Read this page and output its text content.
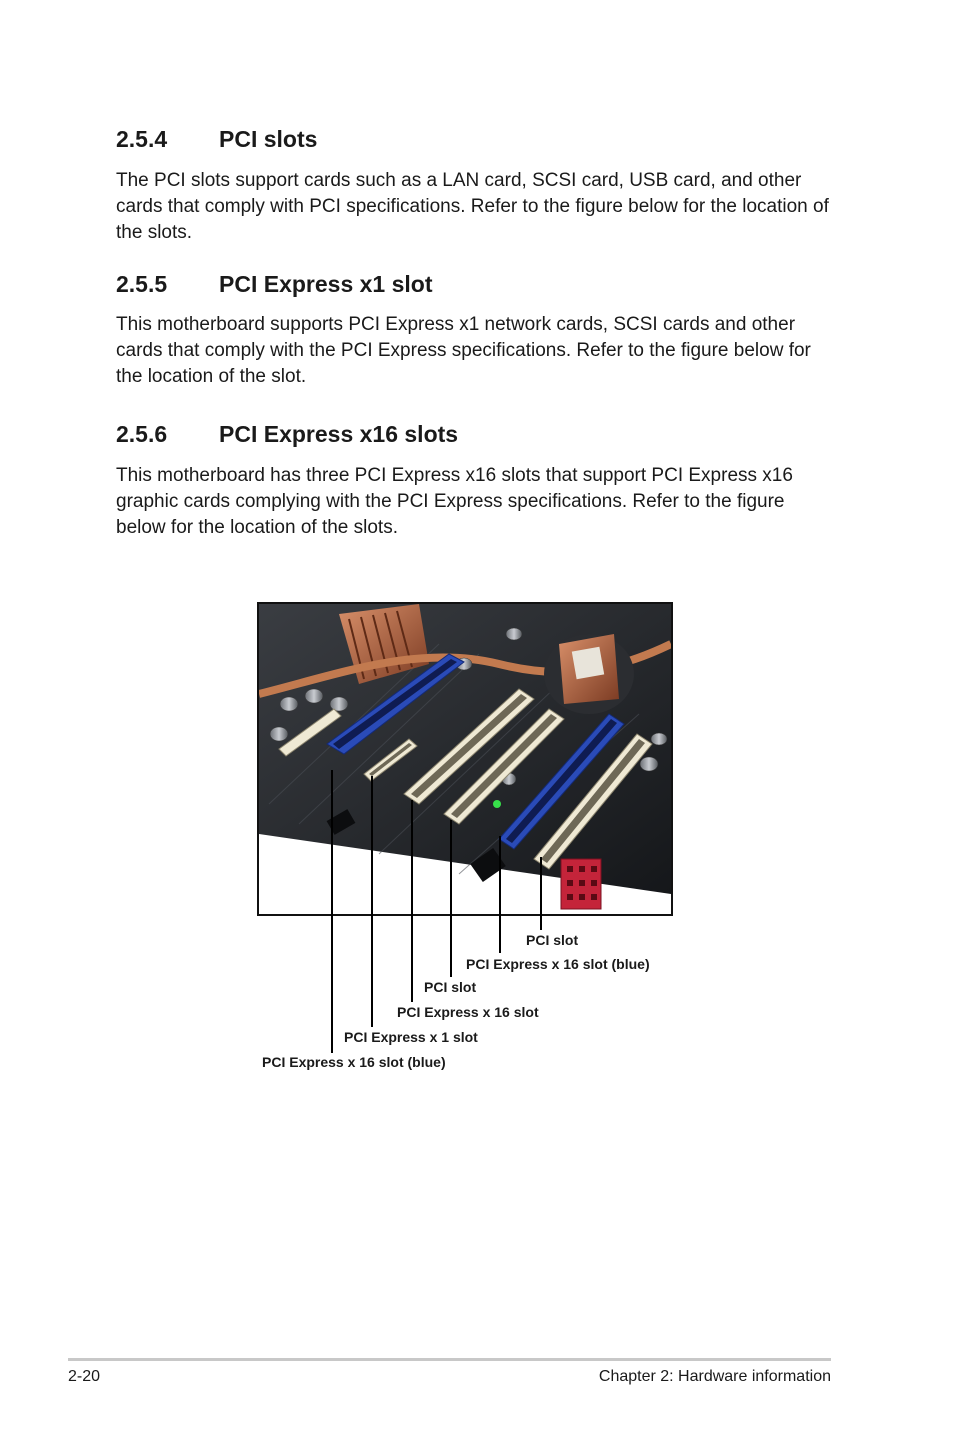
2.5.4 PCI slots

The PCI slots support cards such as a LAN card, SCSI card, USB card, and other cards that comply with PCI specifications. Refer to the figure below for the location of the slots.

2.5.5 PCI Express x1 slot

This motherboard supports PCI Express x1 network cards, SCSI cards and other cards that comply with the PCI Express specifications. Refer to the figure below for the location of the slot.

2.5.6 PCI Express x16 slots

This motherboard has three PCI Express x16 slots that support PCI Express x16 graphic cards complying with the PCI Express specifications. Refer to the figure below for the location of the slots.

PCI slot
PCI Express x 16 slot (blue)
PCI slot
PCI Express x 16 slot
PCI Express x 1 slot
PCI Express x 16 slot (blue)
2-20	Chapter 2: Hardware information
